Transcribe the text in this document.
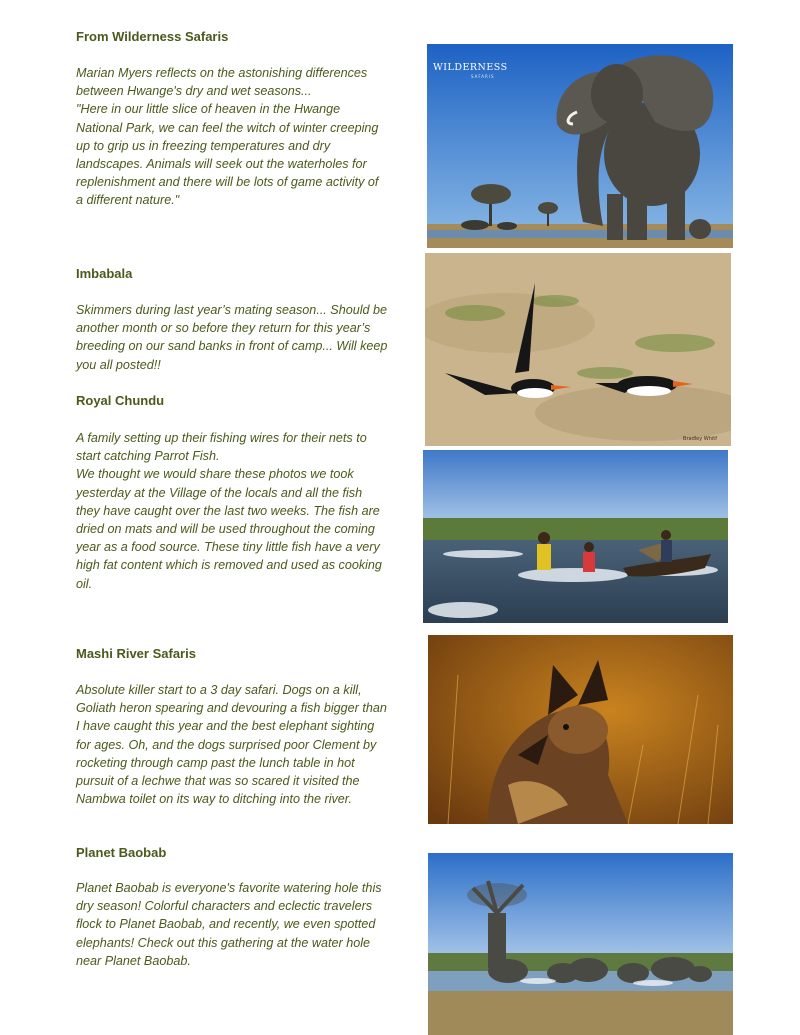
From Wilderness Safaris
Marian Myers reflects on the astonishing differences
between Hwange's dry and wet seasons...
"Here in our little slice of heaven in the Hwange
National Park, we can feel the witch of winter creeping
up to grip us in freezing temperatures and dry
landscapes. Animals will seek out the waterholes for
replenishment and there will be lots of game activity of
a different nature."
WILDERNESS
SAFARIS
Imbabala
Skimmers during last year’s mating season... Should be
another month or so before they return for this year’s
breeding on our sand banks in front of camp... Will keep
you all posted!!
Bradley Whitf
Royal Chundu
A family setting up their fishing wires for their nets to
start catching Parrot Fish.
We thought we would share these photos we took
yesterday at the Village of the locals and all the fish
they have caught over the last two weeks. The fish are
dried on mats and will be used throughout the coming
year as a food source. These tiny little fish have a very
high fat content which is removed and used as cooking
oil.
Mashi River Safaris
Absolute killer start to a 3 day safari. Dogs on a kill,
Goliath heron spearing and devouring a fish bigger than
I have caught this year and the best elephant sighting
for ages. Oh, and the dogs surprised poor Clement by
rocketing through camp past the lunch table in hot
pursuit of a lechwe that was so scared it visited the
Nambwa toilet on its way to ditching into the river.
Planet Baobab
Planet Baobab is everyone's favorite watering hole this
dry season! Colorful characters and eclectic travelers
flock to Planet Baobab, and recently, we even spotted
elephants! Check out this gathering at the water hole
near Planet Baobab.
